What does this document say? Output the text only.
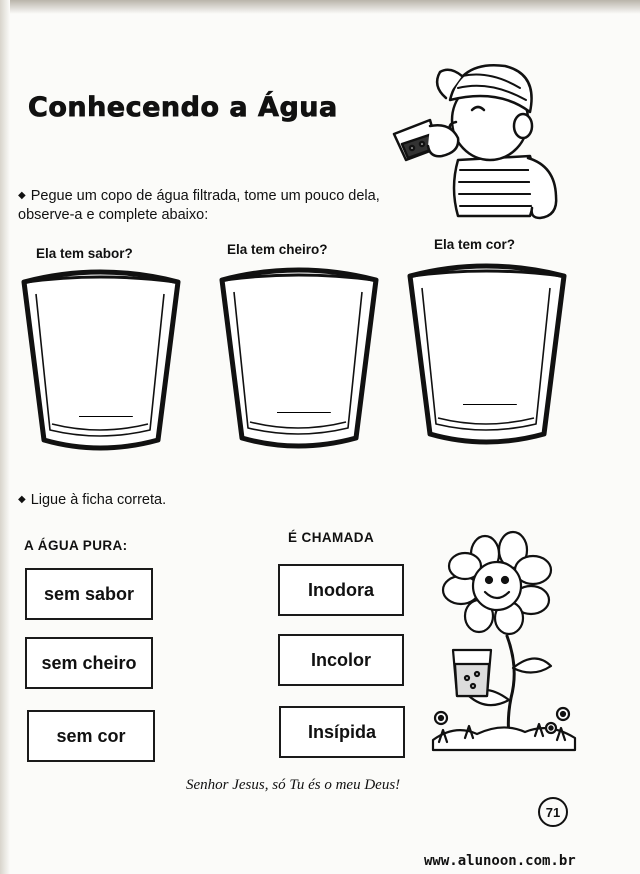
Conhecendo a Água
◆ Pegue um copo de água filtrada, tome um pouco dela, observe-a e complete abaixo:
Ela tem sabor?	Ela tem cheiro?	Ela tem cor?
______	______	______
◆ Ligue à ficha correta.
A ÁGUA PURA:
É CHAMADA
sem sabor
sem cheiro
sem cor
Inodora
Incolor
Insípida
Senhor Jesus, só Tu és o meu Deus!
71
www.alunoon.com.br
